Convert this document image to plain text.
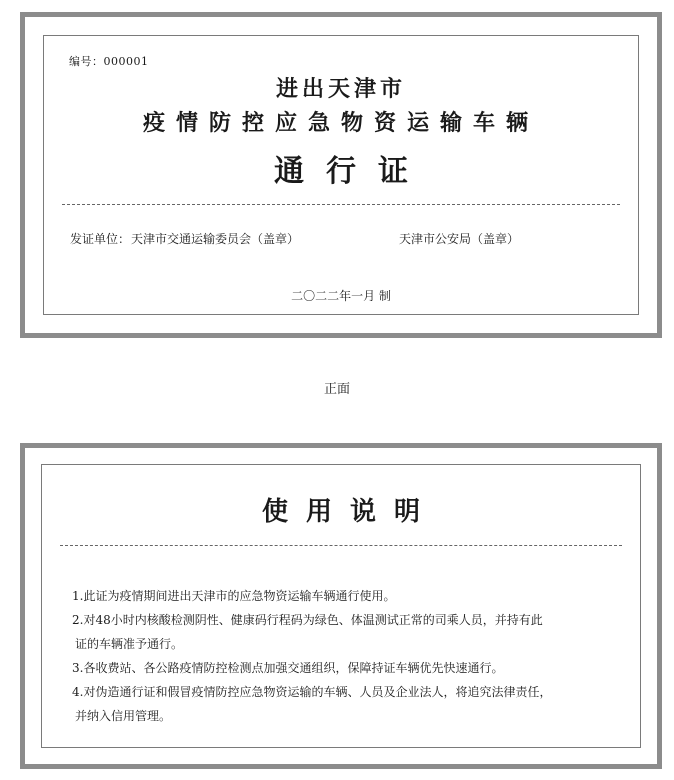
编号：000001
进出天津市
疫情防控应急物资运输车辆
通行证
发证单位： 天津市交通运输委员会（盖章）	天津市公安局（盖章）
二〇二二年一月 制
正面
使用说明
1.此证为疫情期间进出天津市的应急物资运输车辆通行使用。
2.对48小时内核酸检测阴性、健康码行程码为绿色、体温测试正常的司乘人员，并持有此
证的车辆准予通行。
3.各收费站、各公路疫情防控检测点加强交通组织，保障持证车辆优先快速通行。
4.对伪造通行证和假冒疫情防控应急物资运输的车辆、人员及企业法人，将追究法律责任，
并纳入信用管理。
